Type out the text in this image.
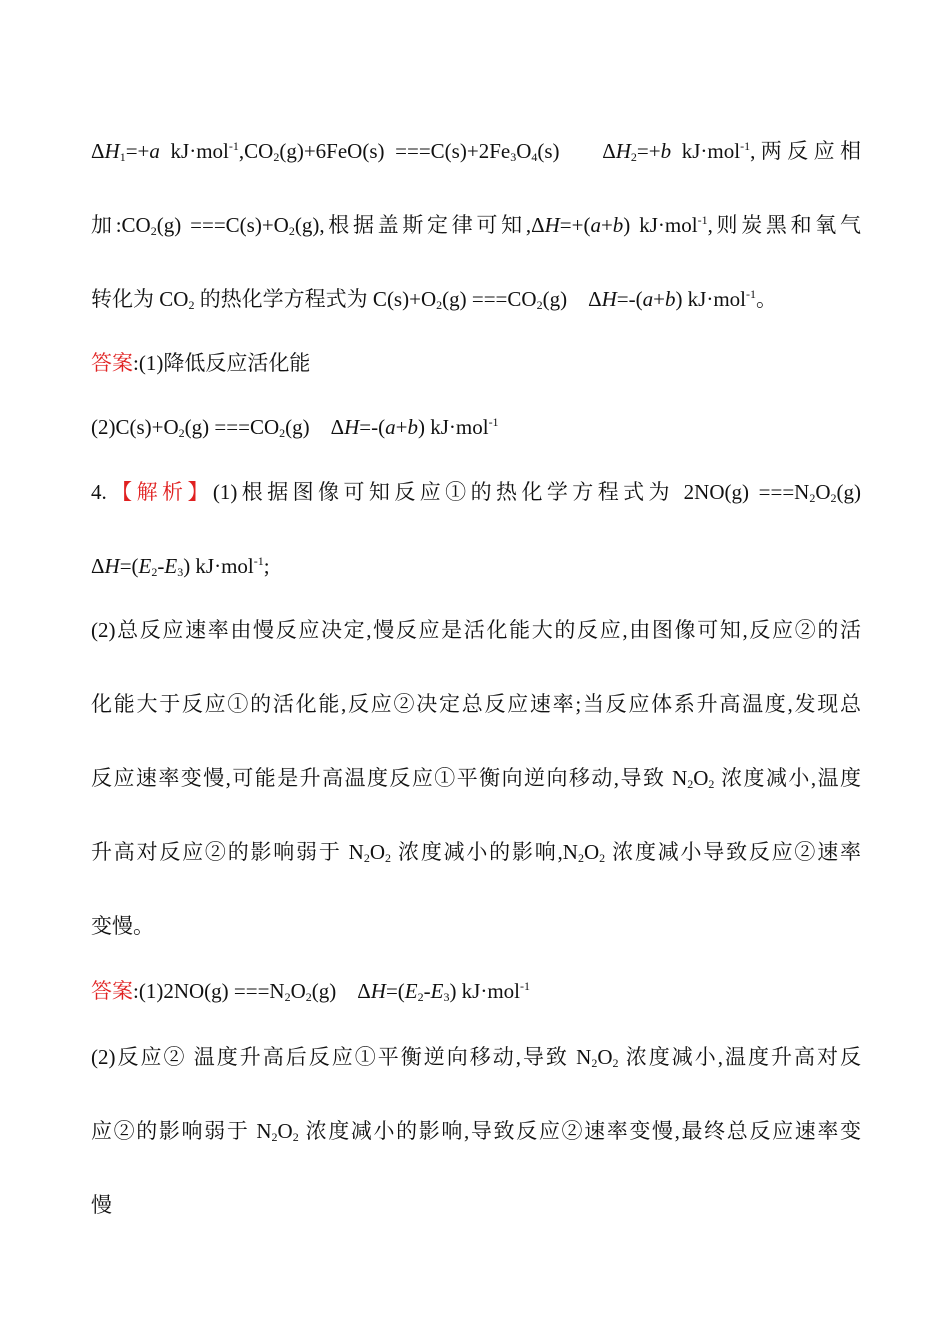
$\Delta H_1=+a$ $kJ\cdot mol^{-1},CO_2(g)+6FeO(s) ===C(s)+2Fe_3O_4(s)$    $\Delta H_2=+b$ kJ·mol$^{-1}$,两反应相
加$:CO_2(g) ===C(s)+O_2(g)$,根据盖斯定律可知,ΔH=+(a+b) kJ·mol$^{-1}$,则炭黑和氧气
转化为 $CO_2$ 的热化学方程式为 $C(s)+O_2(g) ===CO_2(g)$    ΔH=-(a+b) kJ·mol$^{-1}$。
答案:(1)降低反应活化能
$(2)C(s)+O_2(g) ===CO_2(g)$    ΔH=-(a+b) kJ·mol$^{-1}$
4.【解析】(1)根据图像可知反应①的热化学方程式为 $2NO(g) ===N_2O_2(g)$
$\Delta H=(E_2-E_3)$ kJ·mol$^{-1}$;
(2)总反应速率由慢反应决定,慢反应是活化能大的反应,由图像可知,反应②的活
化能大于反应①的活化能,反应②决定总反应速率;当反应体系升高温度,发现总
反应速率变慢,可能是升高温度反应①平衡向逆向移动,导致 $N_2O_2$ 浓度减小,温度
升高对反应②的影响弱于 $N_2O_2$ 浓度减小的影响$,N_2O_2$ 浓度减小导致反应②速率
变慢。
答案:(1)2NO(g) $===N_2O_2(g)$    $\Delta H=(E_2-E_3)$ kJ·mol$^{-1}$
(2)反应② 温度升高后反应①平衡逆向移动,导致 $N_2O_2$ 浓度减小,温度升高对反
应②的影响弱于 $N_2O_2$ 浓度减小的影响,导致反应②速率变慢,最终总反应速率变
慢
